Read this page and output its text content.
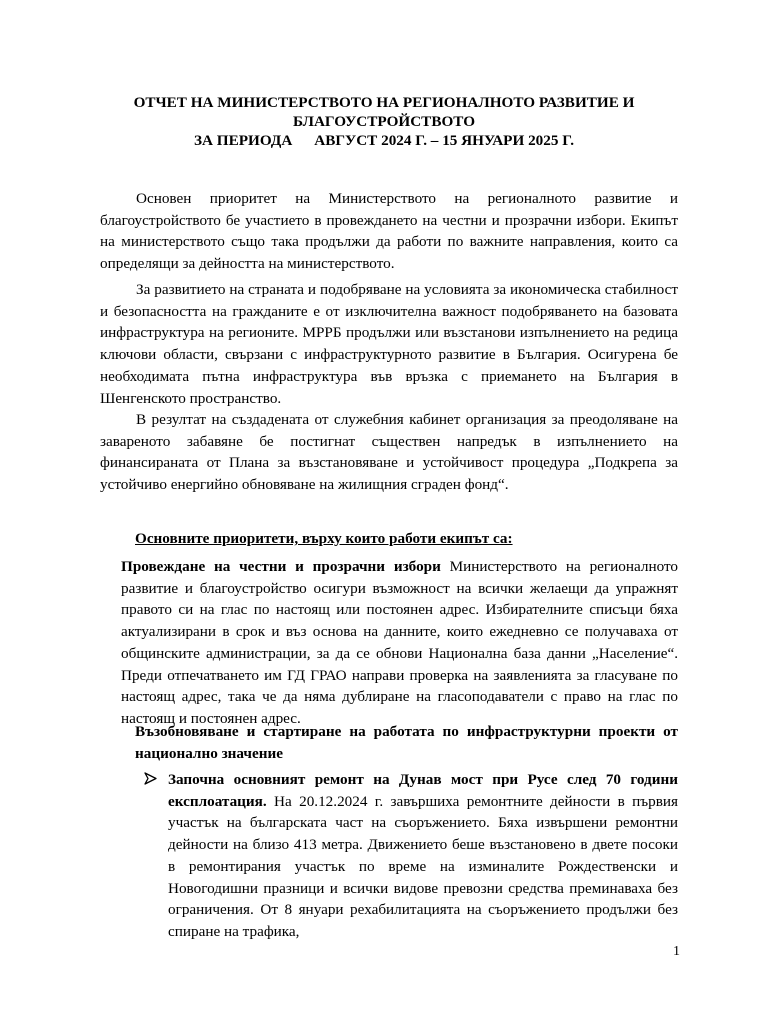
ОТЧЕТ НА МИНИСТЕРСТВОТО НА РЕГИОНАЛНОТО РАЗВИТИЕ И
БЛАГОУСТРОЙСТВОТО
ЗА ПЕРИОДА АВГУСТ 2024 Г. – 15 ЯНУАРИ 2025 Г.

Основен приоритет на Министерството на регионалното развитие и благоустройството бе участието в провеждането на честни и прозрачни избори. Екипът на министерството също така продължи да работи по важните направления, които са определящи за дейността на министерството.

За развитието на страната и подобряване на условията за икономическа стабилност и безопасността на гражданите е от изключителна важност подобряването на базовата инфраструктура на регионите. МРРБ продължи или възстанови изпълнението на редица ключови области, свързани с инфраструктурното развитие в България. Осигурена бе необходимата пътна инфраструктура във връзка с приемането на България в Шенгенското пространство.

В резултат на създадената от служебния кабинет организация за преодоляване на завареното забавяне бе постигнат съществен напредък в изпълнението на финансираната от Плана за възстановяване и устойчивост процедура „Подкрепа за устойчиво енергийно обновяване на жилищния сграден фонд“.

Основните приоритети, върху които работи екипът са:

Провеждане на честни и прозрачни избори Министерството на регионалното развитие и благоустройство осигури възможност на всички желаещи да упражнят правото си на глас по настоящ или постоянен адрес. Избирателните списъци бяха актуализирани в срок и въз основа на данните, които ежедневно се получаваха от общинските администрации, за да се обнови Национална база данни „Население“. Преди отпечатването им ГД ГРАО направи проверка на заявленията за гласуване по настоящ адрес, така че да няма дублиране на гласоподаватели с право на глас по настоящ и постоянен адрес.

Възобновяване и стартиране на работата по инфраструктурни проекти от национално значение

Започна основният ремонт на Дунав мост при Русе след 70 години експлоатация. На 20.12.2024 г. завършиха ремонтните дейности в първия участък на българската част на съоръжението. Бяха извършени ремонтни дейности на близо 413 метра. Движението беше възстановено в двете посоки в ремонтирания участък по време на изминалите Рождественски и Новогодишни празници и всички видове превозни средства преминаваха без ограничения. От 8 януари рехабилитацията на съоръжението продължи без спиране на трафика,

1
